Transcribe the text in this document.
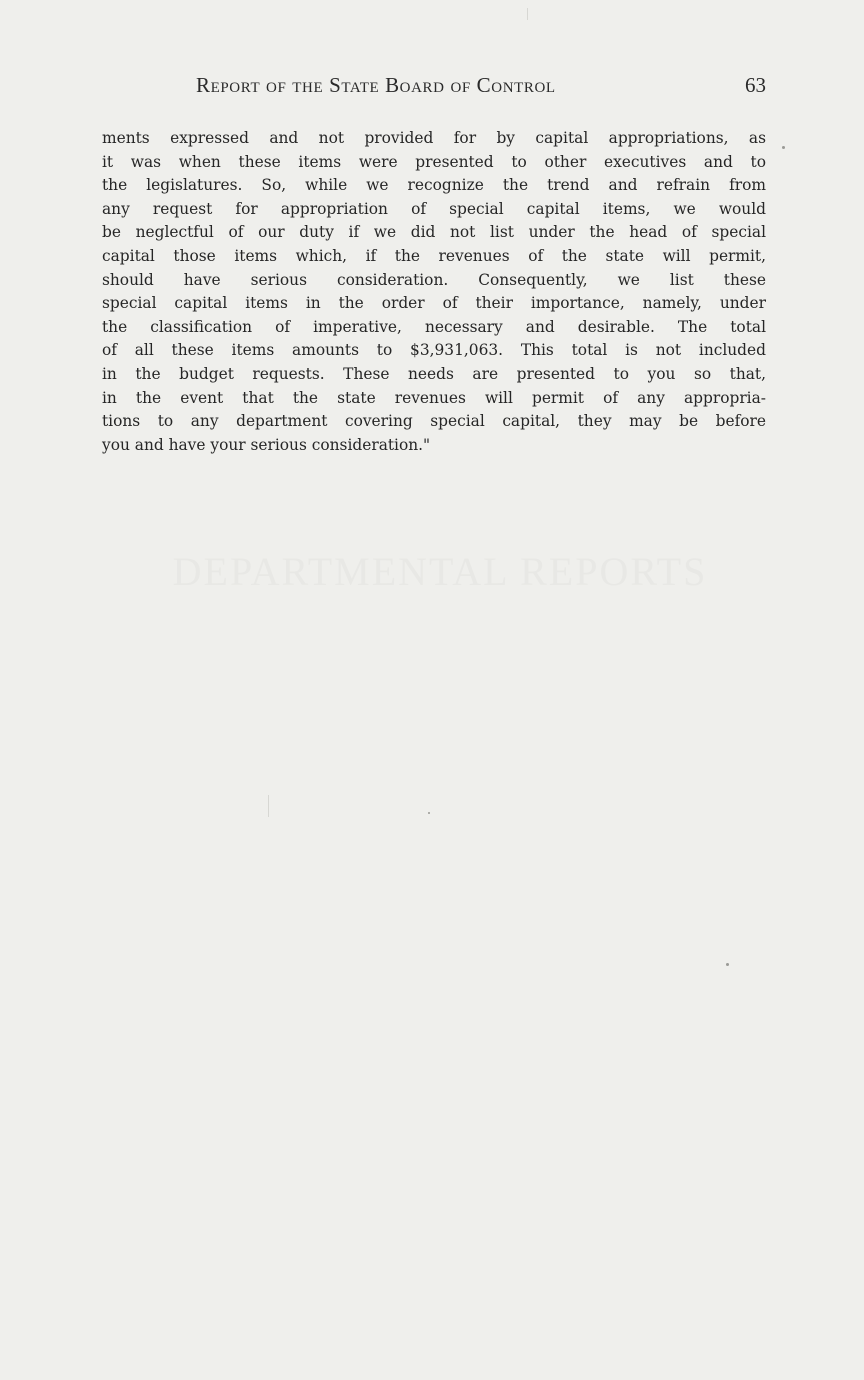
Report of the State Board of Control	63
DEPARTMENTAL REPORTS
ments expressed and not provided for by capital appropriations, as
it was when these items were presented to other executives and to
the legislatures. So, while we recognize the trend and refrain from
any request for appropriation of special capital items, we would
be neglectful of our duty if we did not list under the head of special
capital those items which, if the revenues of the state will permit,
should have serious consideration. Consequently, we list these
special capital items in the order of their importance, namely, under
the classification of imperative, necessary and desirable. The total
of all these items amounts to $3,931,063. This total is not included
in the budget requests. These needs are presented to you so that,
in the event that the state revenues will permit of any appropria-
tions to any department covering special capital, they may be before
you and have your serious consideration."
